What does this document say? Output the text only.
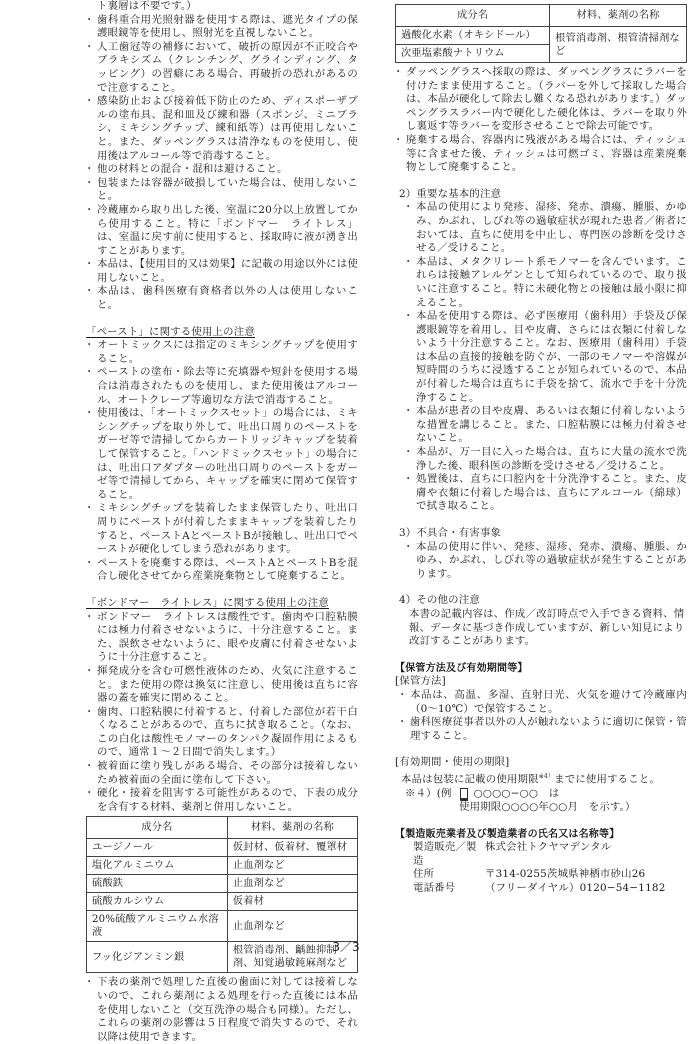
ト裏層は不要です。）

・ 歯科重合用光照射器を使用する際は、遮光タイプの保護眼鏡等を使用し、照射光を直視しないこと。

・ 人工歯冠等の補修において、破折の原因が不正咬合やブラキシズム（クレンチング、グラインディング、タッピング）の習癖にある場合、再破折の恐れがあるので注意すること。

・ 感染防止および接着低下防止のため、ディスポーザブルの塗布具、混和皿及び練和器（スポンジ、ミニブラシ、ミキシングチップ、練和紙等）は再使用しないこと。また、ダッペングラスは清浄なものを使用し、使用後はアルコール等で消毒すること。

・ 他の材料との混合・混和は避けること。

・ 包装または容器が破損していた場合は、使用しないこと。

・ 冷蔵庫から取り出した後、室温に20分以上放置してから使用すること。特に「ボンドマー　ライトレス」は、室温に戻す前に使用すると、採取時に液が湧き出すことがあります。

・ 本品は、【使用目的又は効果】に記載の用途以外には使用しないこと。

・ 本品は、歯科医療有資格者以外の人は使用しないこと。

「ペースト」に関する使用上の注意

・ オートミックスには指定のミキシングチップを使用すること。

・ ペーストの塗布・除去等に充填器や短針を使用する場合は消毒されたものを使用し、また使用後はアルコール、オートクレーブ等適切な方法で消毒すること。

・ 使用後は、「オートミックスセット」の場合には、ミキシングチップを取り外して、吐出口周りのペーストをガーゼ等で清掃してからカートリッジキャップを装着して保管すること。「ハンドミックスセット」の場合には、吐出口アダプターの吐出口周りのペーストをガーゼ等で清掃してから、キャップを確実に閉めて保管すること。

・ ミキシングチップを装着したまま保管したり、吐出口周りにペーストが付着したままキャップを装着したりすると、ペーストAとペーストBが接触し、吐出口でペーストが硬化してしまう恐れがあります。

・ ペーストを廃棄する際は、ペーストAとペーストBを混合し硬化させてから産業廃棄物として廃棄すること。

「ボンドマー　ライトレス」に関する使用上の注意

・ ボンドマー　ライトレスは酸性です。歯肉や口腔粘膜には極力付着させないように、十分注意すること。また、誤飲させないように、眼や皮膚に付着させないように十分注意すること。

・ 揮発成分を含む可燃性液体のため、火気に注意すること。また使用の際は換気に注意し、使用後は直ちに容器の蓋を確実に閉めること。

・ 歯肉、口腔粘膜に付着すると、付着した部位が若干白くなることがあるので、直ちに拭き取ること。（なお、この白化は酸性モノマーのタンパク凝固作用によるもので、通常１～２日間で消失します。）

・ 被着面に塗り残しがある場合、その部分は接着しないため被着面の全面に塗布して下さい。

・ 硬化・接着を阻害する可能性があるので、下表の成分を含有する材料、薬剤と併用しないこと。

成分名	材料、薬剤の名称
ユージノール	仮封材、仮着材、覆罩材
塩化アルミニウム	止血剤など
硫酸鉄	止血剤など
硫酸カルシウム	仮着材
20%硫酸アルミニウム水溶液	止血剤など
フッ化ジアンミン銀	根管消毒剤、齲蝕抑制剤、知覚過敏鈍麻剤など

・ 下表の薬剤で処理した直後の歯面に対しては接着しないので、これら薬剤による処理を行った直後には本品を使用しないこと（交互洗浄の場合も同様）。ただし、これらの薬剤の影響は５日程度で消失するので、それ以降は使用できます。

成分名	材料、薬剤の名称
過酸化水素（オキシドール）	根管消毒剤、根管清掃剤など
次亜塩素酸ナトリウム	

・ ダッペングラスへ採取の際は、ダッペングラスにラバーを付けたまま使用すること。（ラバーを外して採取した場合は、本品が硬化して除去し難くなる恐れがあります。）ダッペングラスラバー内で硬化した硬化体は、ラバーを取り外し裏返す等ラバーを変形させることで除去可能です。

・ 廃棄する場合、容器内に残液がある場合には、ティッシュ等に含ませた後、ティッシュは可燃ゴミ、容器は産業廃棄物として廃棄すること。

2）重要な基本的注意

・ 本品の使用により発疹、湿疹、発赤、潰瘍、腫脹、かゆみ、かぶれ、しびれ等の過敏症状が現れた患者／術者においては、直ちに使用を中止し、専門医の診断を受けさせる／受けること。

・ 本品は、メタクリレート系モノマーを含んでいます。これらは接触アレルゲンとして知られているので、取り扱いに注意すること。特に未硬化物との接触は最小限に抑えること。

・ 本品を使用する際は、必ず医療用（歯科用）手袋及び保護眼鏡等を着用し、目や皮膚、さらには衣類に付着しないよう十分注意すること。なお、医療用（歯科用）手袋は本品の直接的接触を防ぐが、一部のモノマーや溶媒が短時間のうちに浸透することが知られているので、本品が付着した場合は直ちに手袋を捨て、流水で手を十分洗浄すること。

・ 本品が患者の目や皮膚、あるいは衣類に付着しないような措置を講じること。また、口腔粘膜には極力付着させないこと。

・ 本品が、万一目に入った場合は、直ちに大量の流水で洗浄した後、眼科医の診断を受けさせる／受けること。

・ 処置後は、直ちに口腔内を十分洗浄すること。また、皮膚や衣類に付着した場合は、直ちにアルコール（綿球）で拭き取ること。

3）不具合・有害事象

・ 本品の使用に伴い、発疹、湿疹、発赤、潰瘍、腫脹、かゆみ、かぶれ、しびれ等の過敏症状が発生することがあります。

4）その他の注意

本書の記載内容は、作成／改訂時点で入手できる資料、情報、データに基づき作成していますが、新しい知見により改訂することがあります。

【保管方法及び有効期間等】

[保管方法]

・ 本品は、高温、多湿、直射日光、火気を避けて冷蔵庫内（0～10℃）で保管すること。

・ 歯科医療従事者以外の人が触れないように適切に保管・管理すること。

[有効期間・使用の期限]

本品は包装に記載の使用期限$^{※4)}$までに使用すること。

※４）(例 ○○○○−○○　は

使用期限○○○○年○○月　を示す。）

【製造販売業者及び製造業者の氏名又は名称等】

製造販売／製造
株式会社トクヤマデンタル
住所	〒314-0255茨城県神栖市砂山26
電話番号	（フリーダイヤル）0120−54−1182
3／3
